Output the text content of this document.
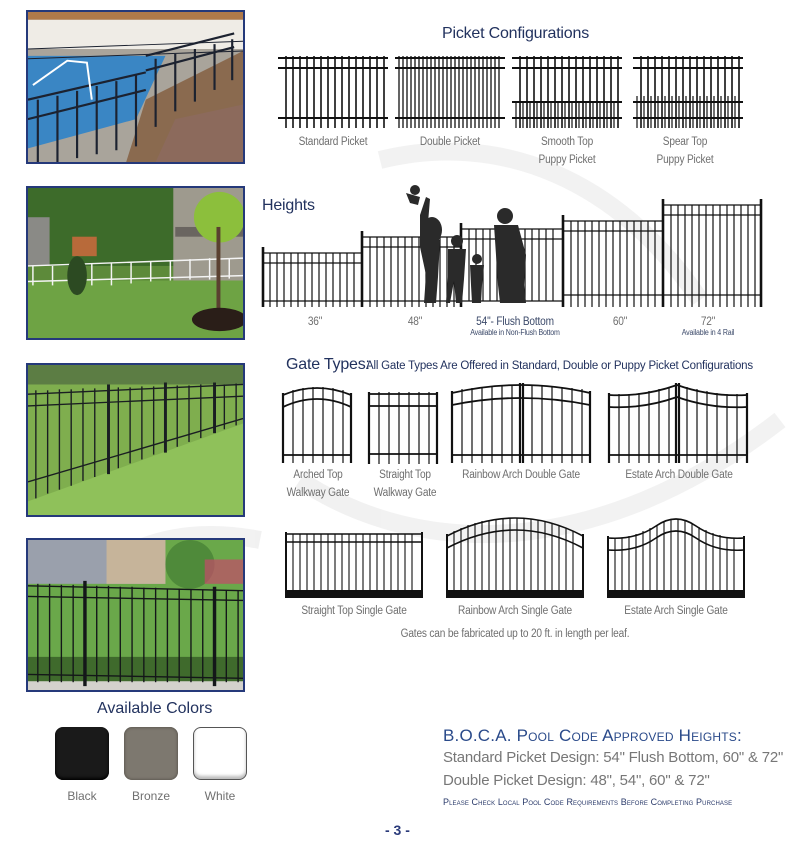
Picket Configurations
Standard Picket	Double Picket	Smooth Top
Puppy Picket
Spear Top
Puppy Picket
Heights
36"	48"	54"- Flush Bottom
Available in Non-Flush Bottom
60"	72"
Available in 4 Rail
Gate Types:
All Gate Types Are Offered in Standard, Double or Puppy Picket Configurations
Arched Top
Walkway Gate
Straight Top
Walkway Gate
Rainbow Arch Double Gate	Estate Arch Double Gate
Straight Top Single Gate	Rainbow Arch Single Gate	Estate Arch Single Gate
Gates can be fabricated up to 20 ft. in length per leaf.
Available Colors
Black	Bronze	White
B.O.C.A. Pool Code Approved Heights:
Standard Picket Design: 54" Flush Bottom, 60" & 72"
Double Picket Design: 48", 54", 60" & 72"
Please Check Local Pool Code Requirements Before Completing Purchase
- 3 -
